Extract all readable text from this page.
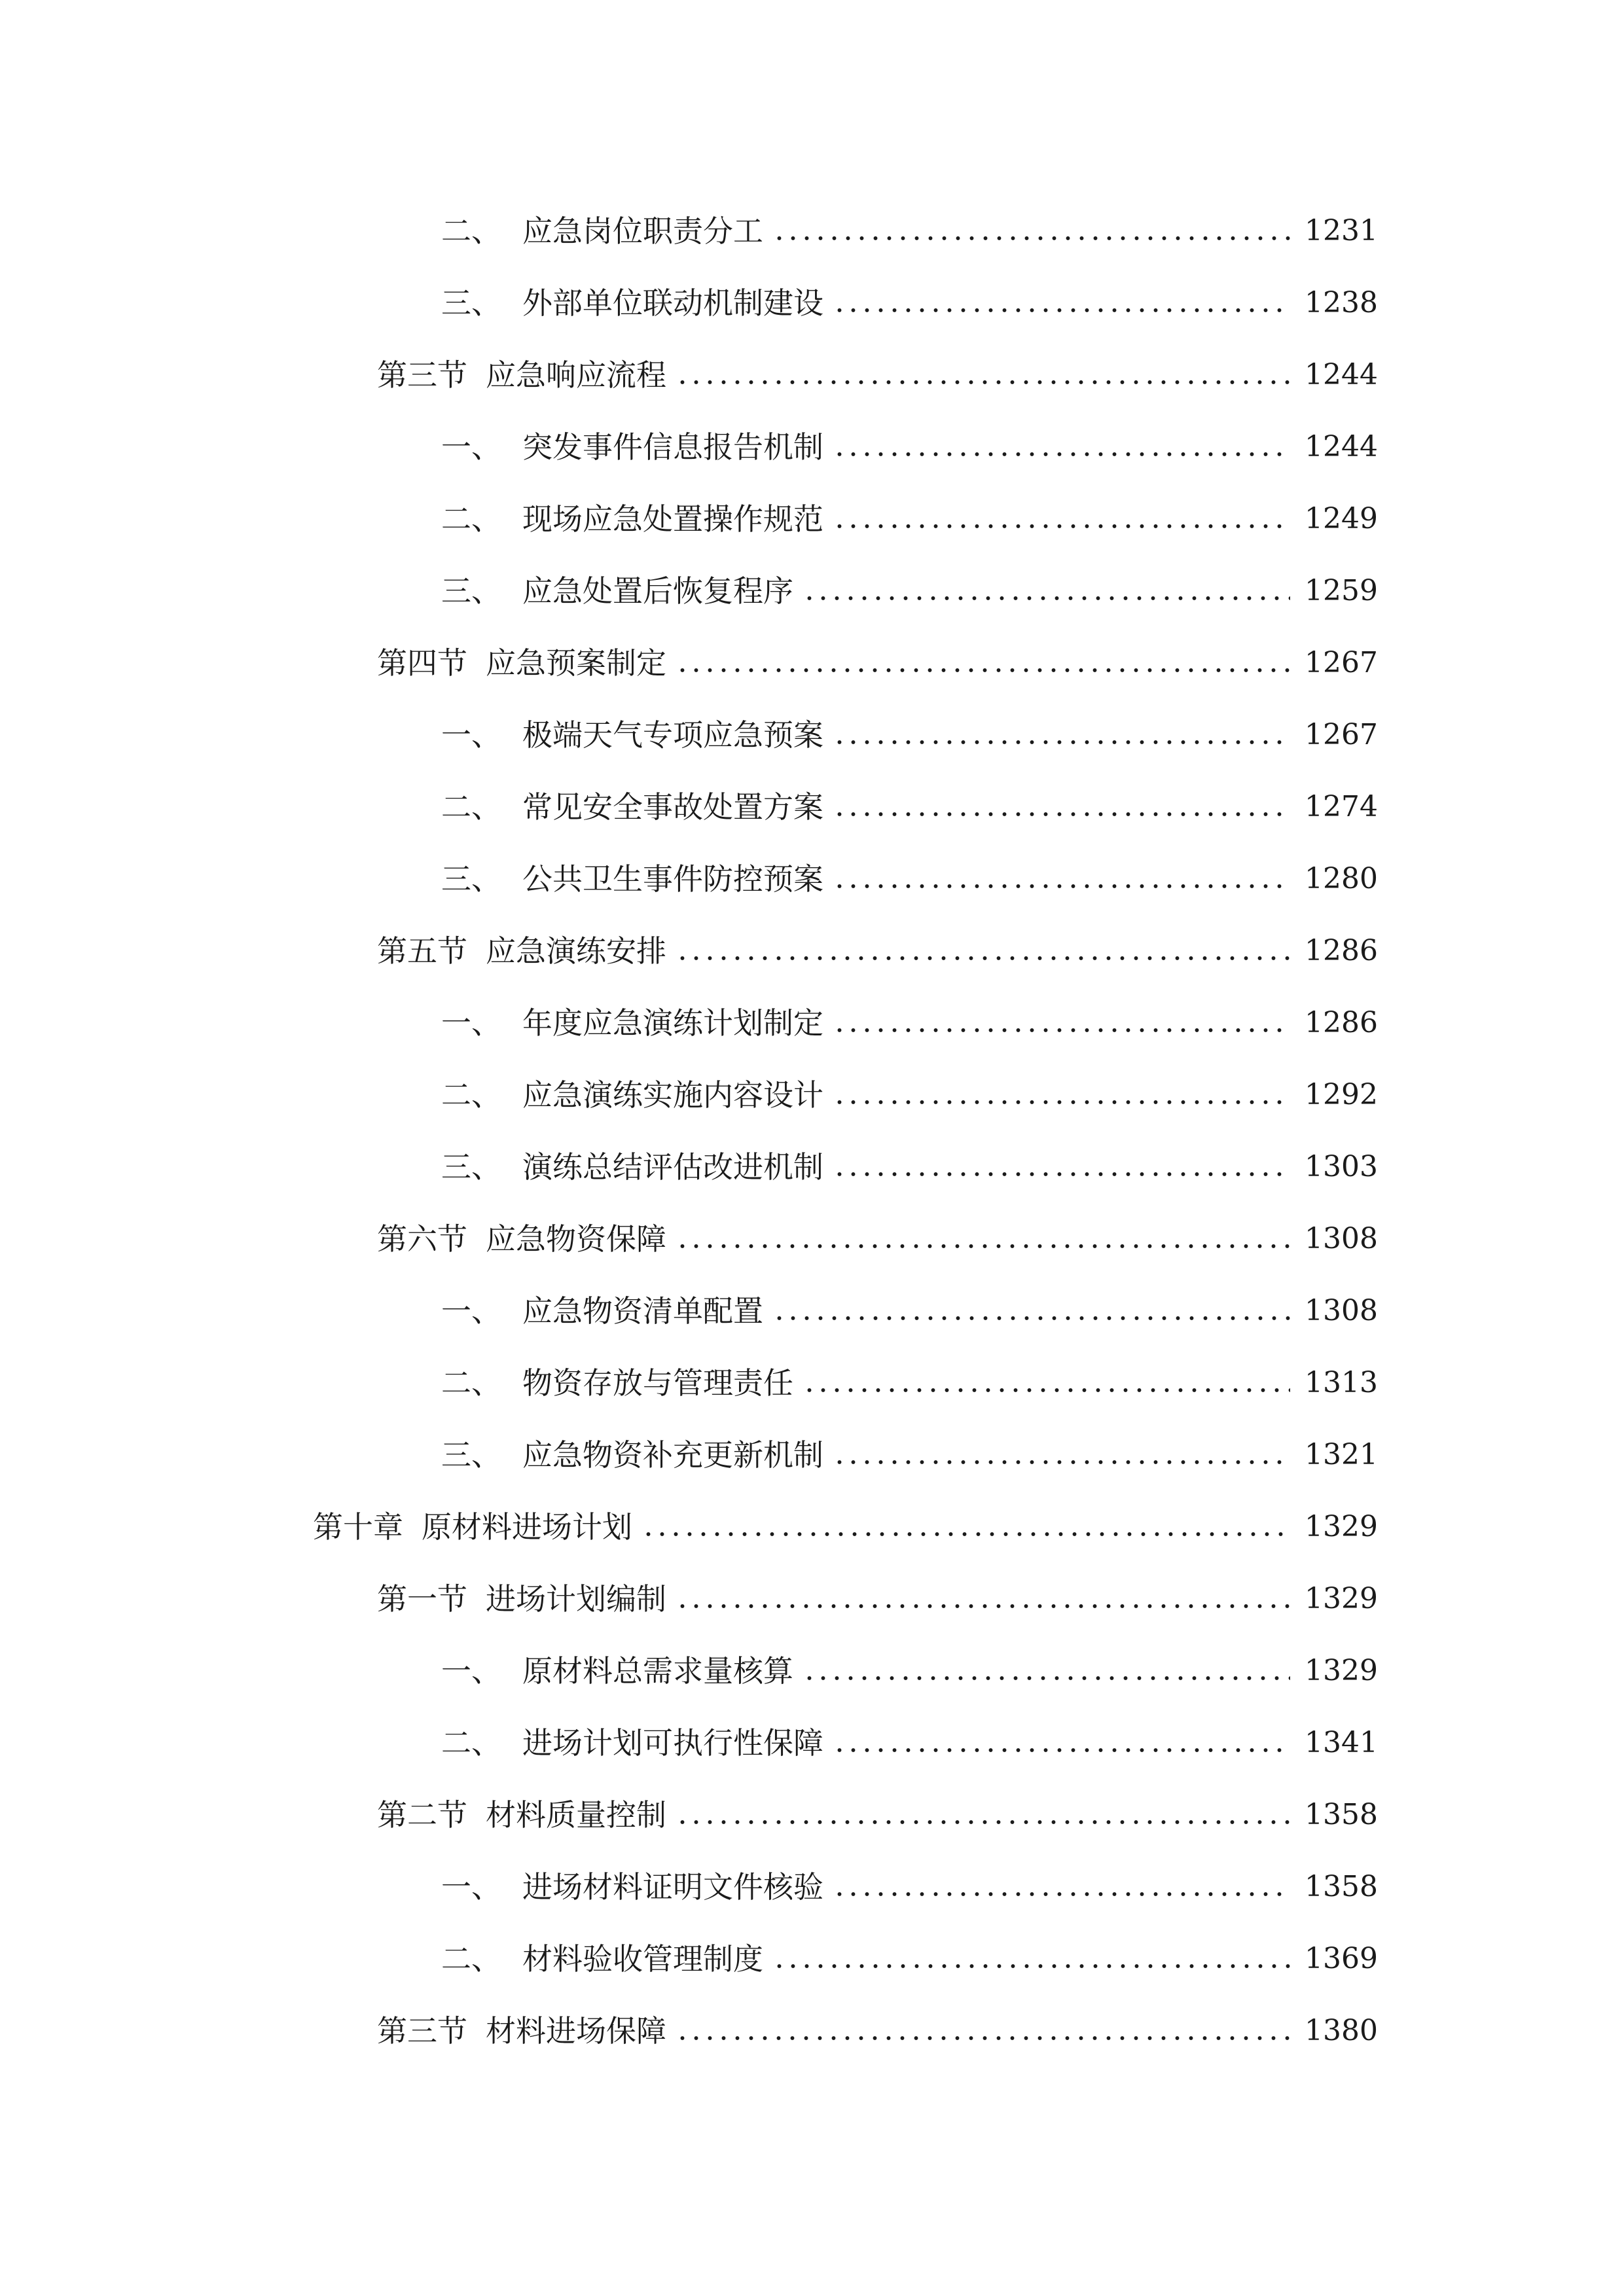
二、 应急岗位职责分工	1231
三、 外部单位联动机制建设	1238
第三节 应急响应流程	1244
一、 突发事件信息报告机制	1244
二、 现场应急处置操作规范	1249
三、 应急处置后恢复程序	1259
第四节 应急预案制定	1267
一、 极端天气专项应急预案	1267
二、 常见安全事故处置方案	1274
三、 公共卫生事件防控预案	1280
第五节 应急演练安排	1286
一、 年度应急演练计划制定	1286
二、 应急演练实施内容设计	1292
三、 演练总结评估改进机制	1303
第六节 应急物资保障	1308
一、 应急物资清单配置	1308
二、 物资存放与管理责任	1313
三、 应急物资补充更新机制	1321
第十章 原材料进场计划	1329
第一节 进场计划编制	1329
一、 原材料总需求量核算	1329
二、 进场计划可执行性保障	1341
第二节 材料质量控制	1358
一、 进场材料证明文件核验	1358
二、 材料验收管理制度	1369
第三节 材料进场保障	1380
